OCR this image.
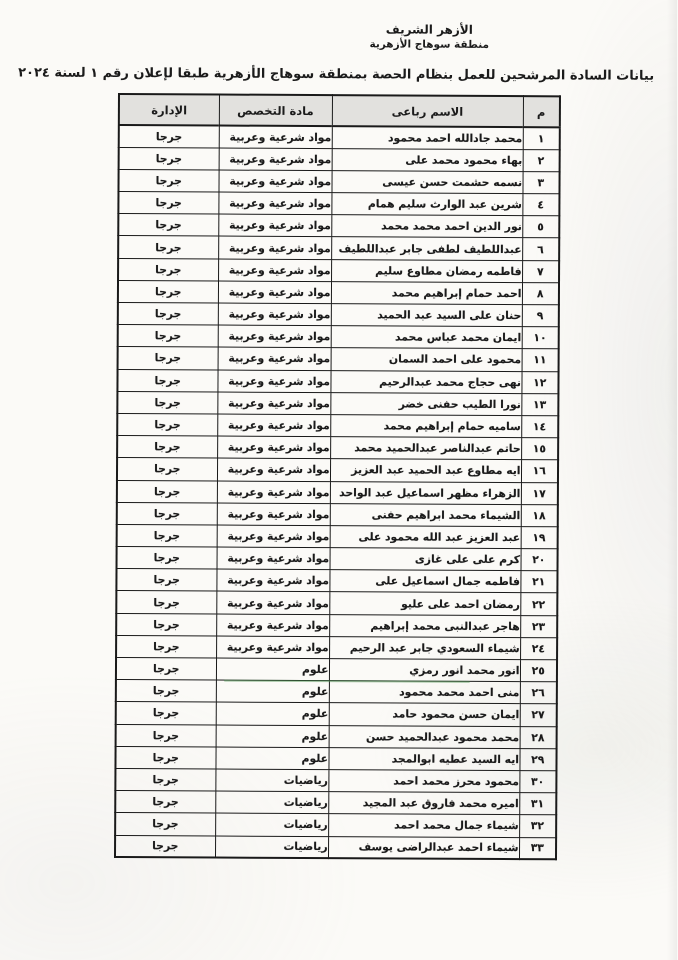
الأزهر الشريف
منطقة سوهاج الأزهرية
بيانات السادة المرشحين للعمل بنظام الحصة بمنطقة سوهاج الأزهرية طبقا لإعلان رقم ١ لسنة ٢٠٢٤
م	الاسم رباعى	مادة التخصص	الإدارة
١	محمد جادالله احمد محمود	مواد شرعية وعربية	جرجا
٢	بهاء محمود محمد على	مواد شرعية وعربية	جرجا
٣	نسمه حشمت حسن عيسى	مواد شرعية وعربية	جرجا
٤	شرين عبد الوارث سليم همام	مواد شرعية وعربية	جرجا
٥	نور الدين احمد محمد محمد	مواد شرعية وعربية	جرجا
٦	عبداللطيف لطفى جابر عبداللطيف	مواد شرعية وعربية	جرجا
٧	فاطمه رمضان مطاوع سليم	مواد شرعية وعربية	جرجا
٨	احمد حمام إبراهيم محمد	مواد شرعية وعربية	جرجا
٩	حنان على السيد عبد الحميد	مواد شرعية وعربية	جرجا
١٠	ايمان محمد عباس محمد	مواد شرعية وعربية	جرجا
١١	محمود على احمد السمان	مواد شرعية وعربية	جرجا
١٢	نهى حجاج محمد عبدالرحيم	مواد شرعية وعربية	جرجا
١٣	نورا الطيب حفنى خضر	مواد شرعية وعربية	جرجا
١٤	ساميه حمام إبراهيم محمد	مواد شرعية وعربية	جرجا
١٥	حاتم عبدالناصر عبدالحميد محمد	مواد شرعية وعربية	جرجا
١٦	ايه مطاوع عبد الحميد عبد العزيز	مواد شرعية وعربية	جرجا
١٧	الزهراء مظهر اسماعيل عبد الواحد	مواد شرعية وعربية	جرجا
١٨	الشيماء محمد ابراهيم حفنى	مواد شرعية وعربية	جرجا
١٩	عبد العزيز عبد الله محمود على	مواد شرعية وعربية	جرجا
٢٠	كرم على على غازى	مواد شرعية وعربية	جرجا
٢١	فاطمه جمال اسماعيل على	مواد شرعية وعربية	جرجا
٢٢	رمضان احمد على عليو	مواد شرعية وعربية	جرجا
٢٣	هاجر عبدالنبى محمد إبراهيم	مواد شرعية وعربية	جرجا
٢٤	شيماء السعودي جابر عبد الرحيم	مواد شرعية وعربية	جرجا
٢٥	انور محمد انور رمزي	علوم	جرجا
٢٦	منى احمد محمد محمود	علوم	جرجا
٢٧	ايمان حسن محمود حامد	علوم	جرجا
٢٨	محمد محمود عبدالحميد حسن	علوم	جرجا
٢٩	ايه السيد عطيه ابوالمجد	علوم	جرجا
٣٠	محمود محرز محمد احمد	رياضيات	جرجا
٣١	اميره محمد فاروق عبد المجيد	رياضيات	جرجا
٣٢	شيماء جمال محمد احمد	رياضيات	جرجا
٣٣	شيماء احمد عبدالراضى يوسف	رياضيات	جرجا
